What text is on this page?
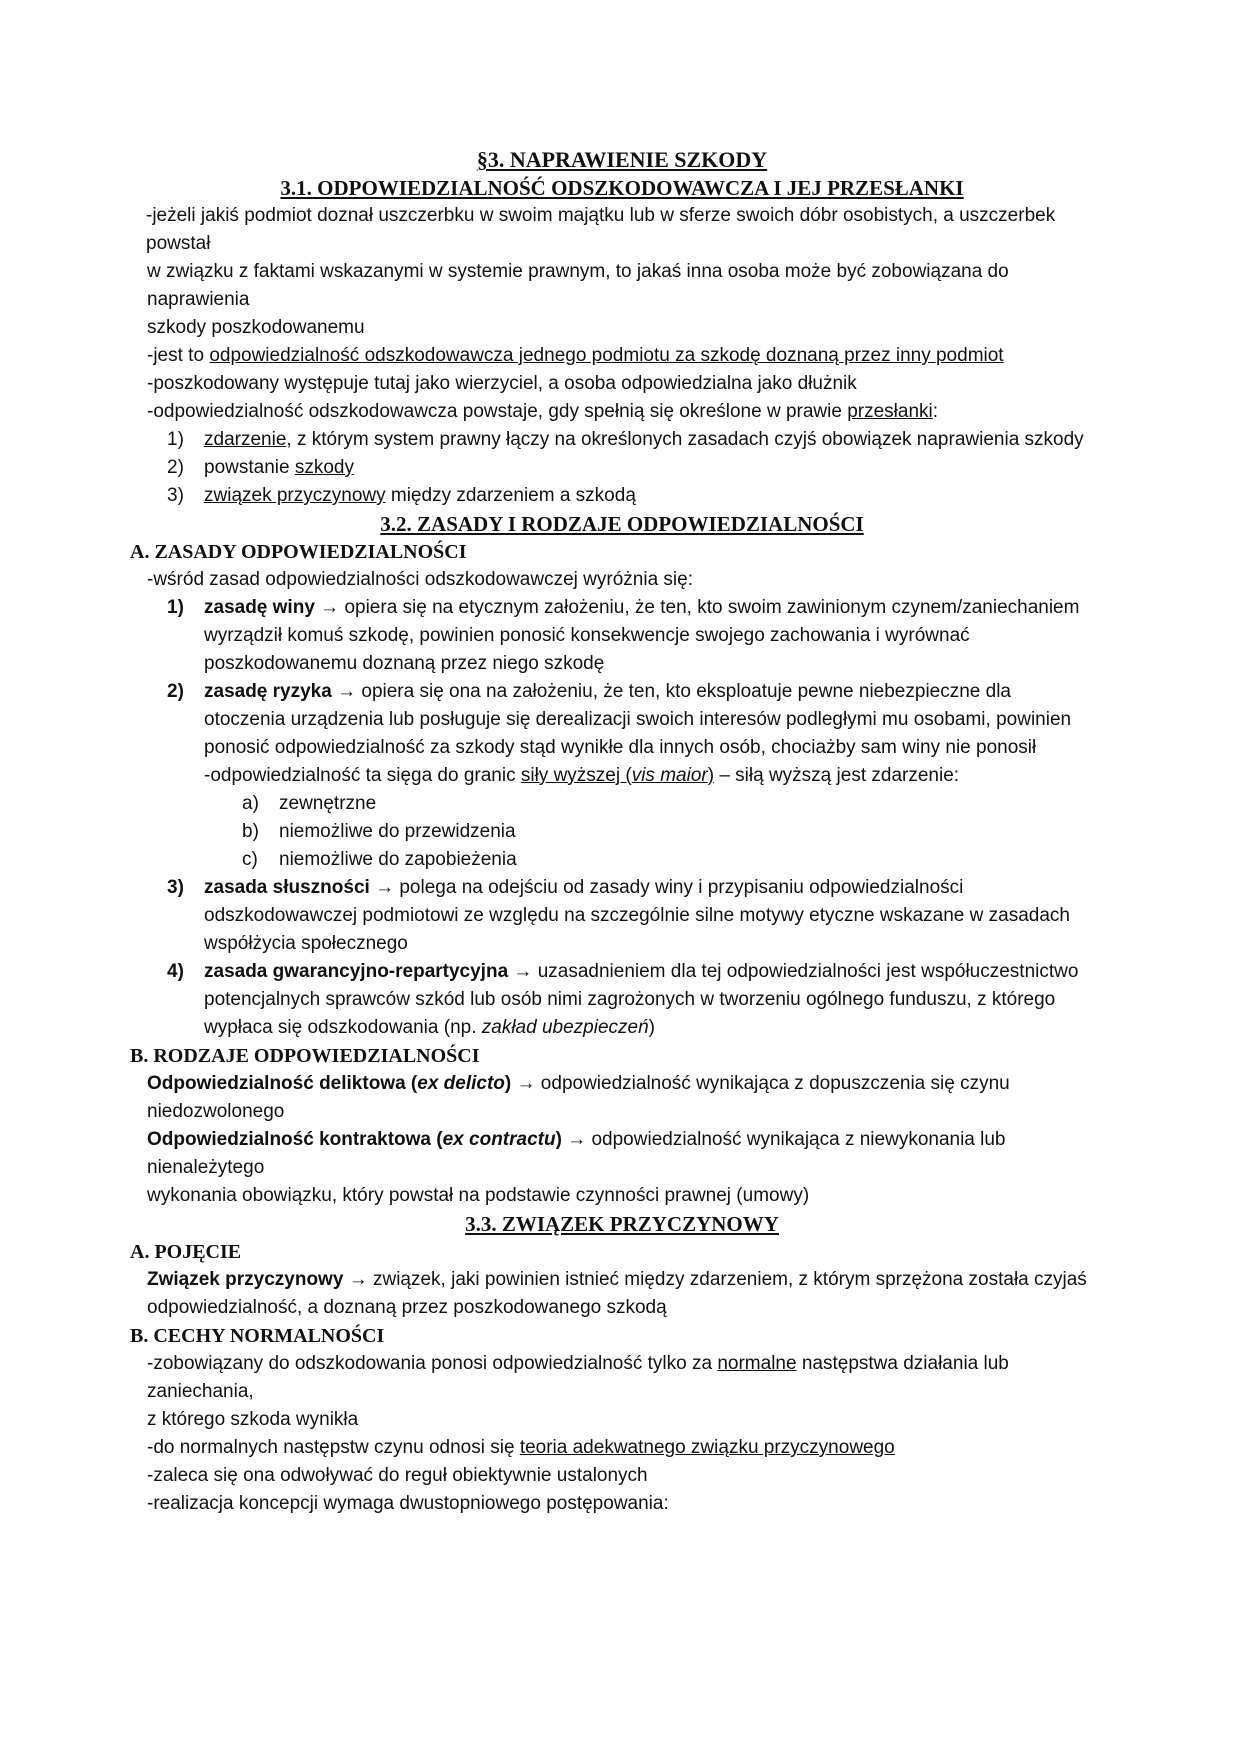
§3. NAPRAWIENIE SZKODY

3.1. ODPOWIEDZIALNOŚĆ ODSZKODOWAWCZA I JEJ PRZESŁANKI

-jeżeli jakiś podmiot doznał uszczerbku w swoim majątku lub w sferze swoich dóbr osobistych, a uszczerbek powstał

w związku z faktami wskazanymi w systemie prawnym, to jakaś inna osoba może być zobowiązana do naprawienia

szkody poszkodowanemu

-jest to odpowiedzialność odszkodowawcza jednego podmiotu za szkodę doznaną przez inny podmiot

-poszkodowany występuje tutaj jako wierzyciel, a osoba odpowiedzialna jako dłużnik

-odpowiedzialność odszkodowawcza powstaje, gdy spełnią się określone w prawie przesłanki:

1) zdarzenie, z którym system prawny łączy na określonych zasadach czyjś obowiązek naprawienia szkody
2) powstanie szkody
3) związek przyczynowy między zdarzeniem a szkodą

3.2. ZASADY I RODZAJE ODPOWIEDZIALNOŚCI

A. ZASADY ODPOWIEDZIALNOŚCI

-wśród zasad odpowiedzialności odszkodowawczej wyróżnia się:

1) zasadę winy → opiera się na etycznym założeniu, że ten, kto swoim zawinionym czynem/zaniechaniem wyrządził komuś szkodę, powinien ponosić konsekwencje swojego zachowania i wyrównać poszkodowanemu doznaną przez niego szkodę
2) zasadę ryzyka → opiera się ona na założeniu, że ten, kto eksploatuje pewne niebezpieczne dla otoczenia urządzenia lub posługuje się derealizacji swoich interesów podległymi mu osobami, powinien ponosić odpowiedzialność za szkody stąd wynikłe dla innych osób, chociażby sam winy nie ponosił

-odpowiedzialność ta sięga do granic siły wyższej (vis maior) – siłą wyższą jest zdarzenie:

a) zewnętrzne
b) niemożliwe do przewidzenia
c) niemożliwe do zapobieżenia
3) zasada słuszności → polega na odejściu od zasady winy i przypisaniu odpowiedzialności odszkodowawczej podmiotowi ze względu na szczególnie silne motywy etyczne wskazane w zasadach współżycia społecznego
4) zasada gwarancyjno-repartycyjna → uzasadnieniem dla tej odpowiedzialności jest współuczestnictwo potencjalnych sprawców szkód lub osób nimi zagrożonych w tworzeniu ogólnego funduszu, z którego wypłaca się odszkodowania (np. zakład ubezpieczeń)

B. RODZAJE ODPOWIEDZIALNOŚCI

Odpowiedzialność deliktowa (ex delicto) → odpowiedzialność wynikająca z dopuszczenia się czynu niedozwolonego

Odpowiedzialność kontraktowa (ex contractu) → odpowiedzialność wynikająca z niewykonania lub nienależytego

wykonania obowiązku, który powstał na podstawie czynności prawnej (umowy)

3.3. ZWIĄZEK PRZYCZYNOWY

A. POJĘCIE

Związek przyczynowy → związek, jaki powinien istnieć między zdarzeniem, z którym sprzężona została czyjaś odpowiedzialność, a doznaną przez poszkodowanego szkodą

B. CECHY NORMALNOŚCI

-zobowiązany do odszkodowania ponosi odpowiedzialność tylko za normalne następstwa działania lub zaniechania,

z którego szkoda wynikła

-do normalnych następstw czynu odnosi się teoria adekwatnego związku przyczynowego

-zaleca się ona odwoływać do reguł obiektywnie ustalonych

-realizacja koncepcji wymaga dwustopniowego postępowania:
